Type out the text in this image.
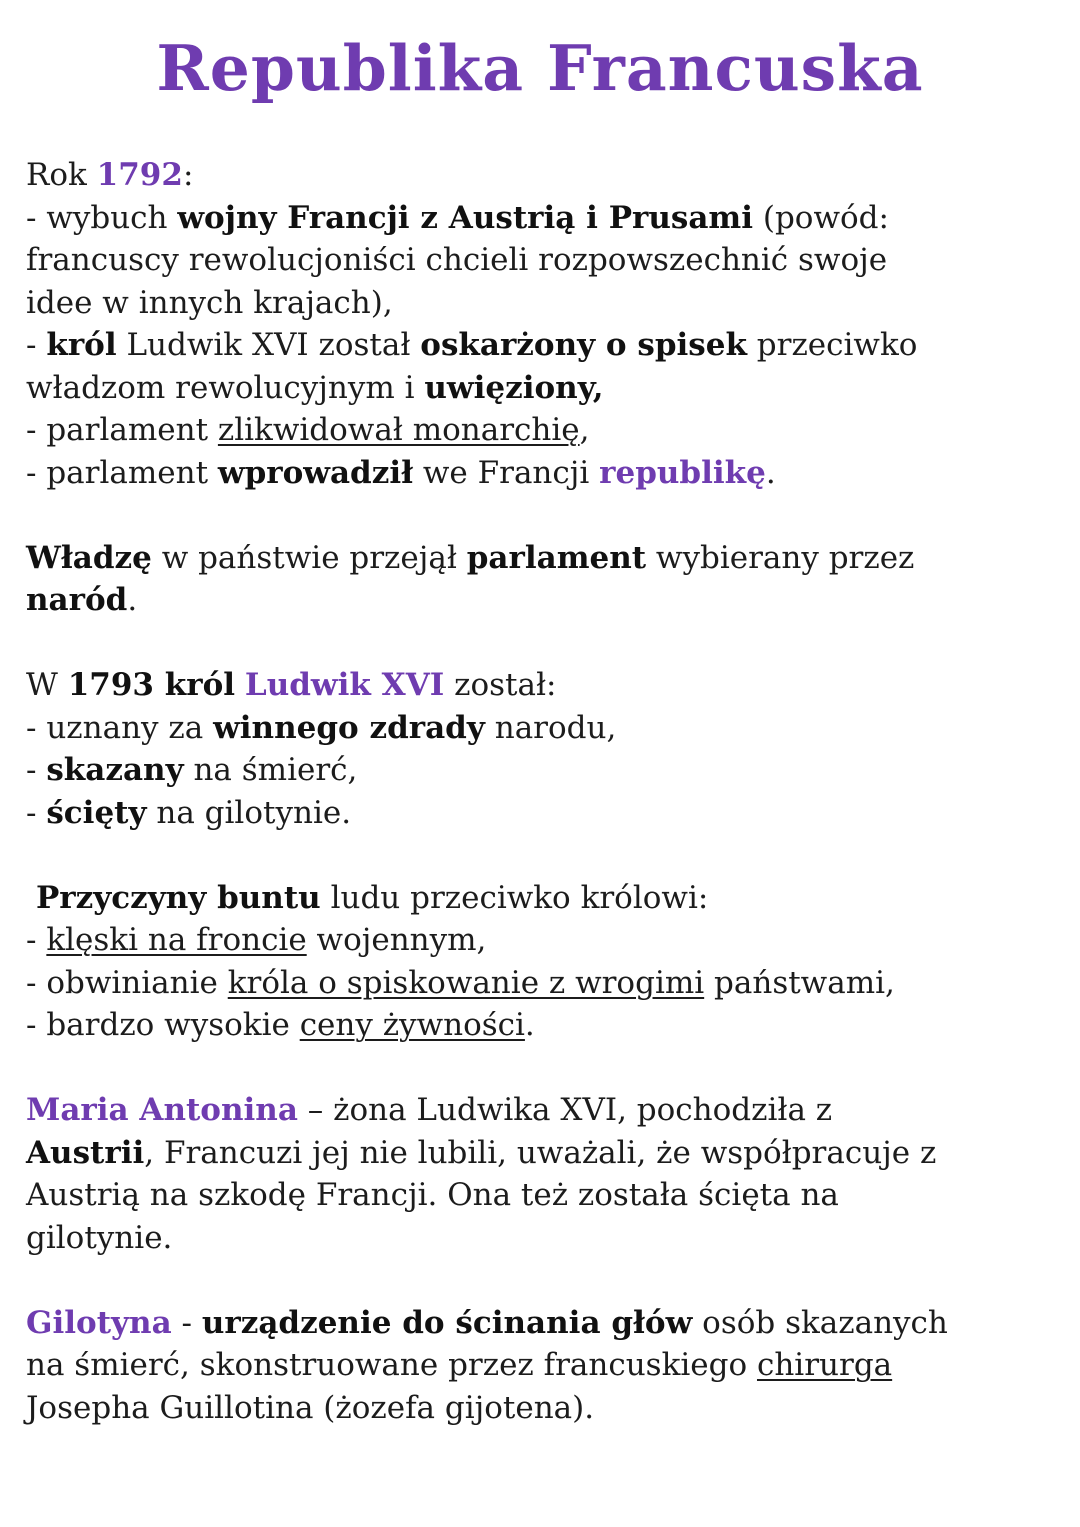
Republika Francuska
Rok 1792:
- wybuch wojny Francji z Austrią i Prusami (powód:
francuscy rewolucjoniści chcieli rozpowszechnić swoje
idee w innych krajach),
- król Ludwik XVI został oskarżony o spisek przeciwko
władzom rewolucyjnym i uwięziony,
- parlament zlikwidował monarchię,
- parlament wprowadził we Francji republikę.
Władzę w państwie przejął parlament wybierany przez
naród.
W 1793 król Ludwik XVI został:
- uznany za winnego zdrady narodu,
- skazany na śmierć,
- ścięty na gilotynie.
Przyczyny buntu ludu przeciwko królowi:
- klęski na froncie wojennym,
- obwinianie króla o spiskowanie z wrogimi państwami,
- bardzo wysokie ceny żywności.
Maria Antonina – żona Ludwika XVI, pochodziła z
Austrii, Francuzi jej nie lubili, uważali, że współpracuje z
Austrią na szkodę Francji. Ona też została ścięta na
gilotynie.
Gilotyna - urządzenie do ścinania głów osób skazanych
na śmierć, skonstruowane przez francuskiego chirurga
Josepha Guillotina (żozefa gijotena).
